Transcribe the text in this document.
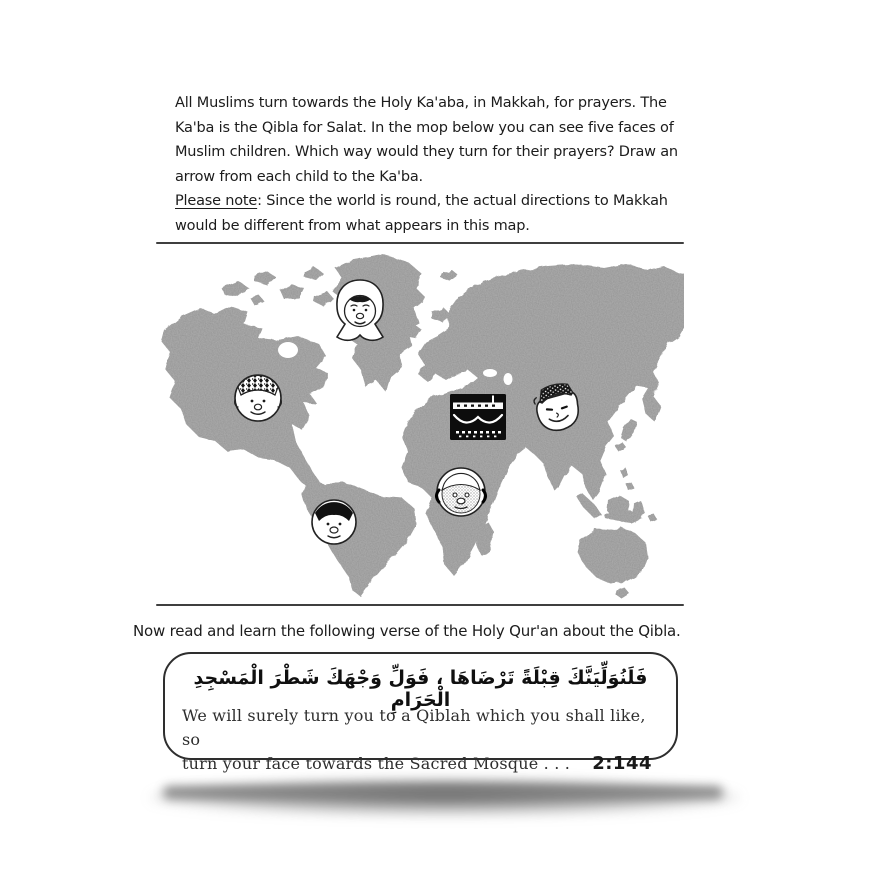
All Muslims turn towards the Holy Ka'aba, in Makkah, for prayers. The
Ka'ba is the Qibla for Salat. In the mop below you can see five faces of
Muslim children. Which way would they turn for their prayers? Draw an
arrow from each child to the Ka'ba.
Please note: Since the world is round, the actual directions to Makkah
would be different from what appears in this map.
Now read and learn the following verse of the Holy Qur'an about the Qibla.
فَلَنُوَلِّيَنَّكَ قِبْلَةً تَرْضَاهَا ، فَوَلِّ وَجْهَكَ شَطْرَ الْمَسْجِدِ الْحَرَامِ
We will surely turn you to a Qiblah which you shall like, so
turn your face towards the Sacred Mosque . . . 2:144
